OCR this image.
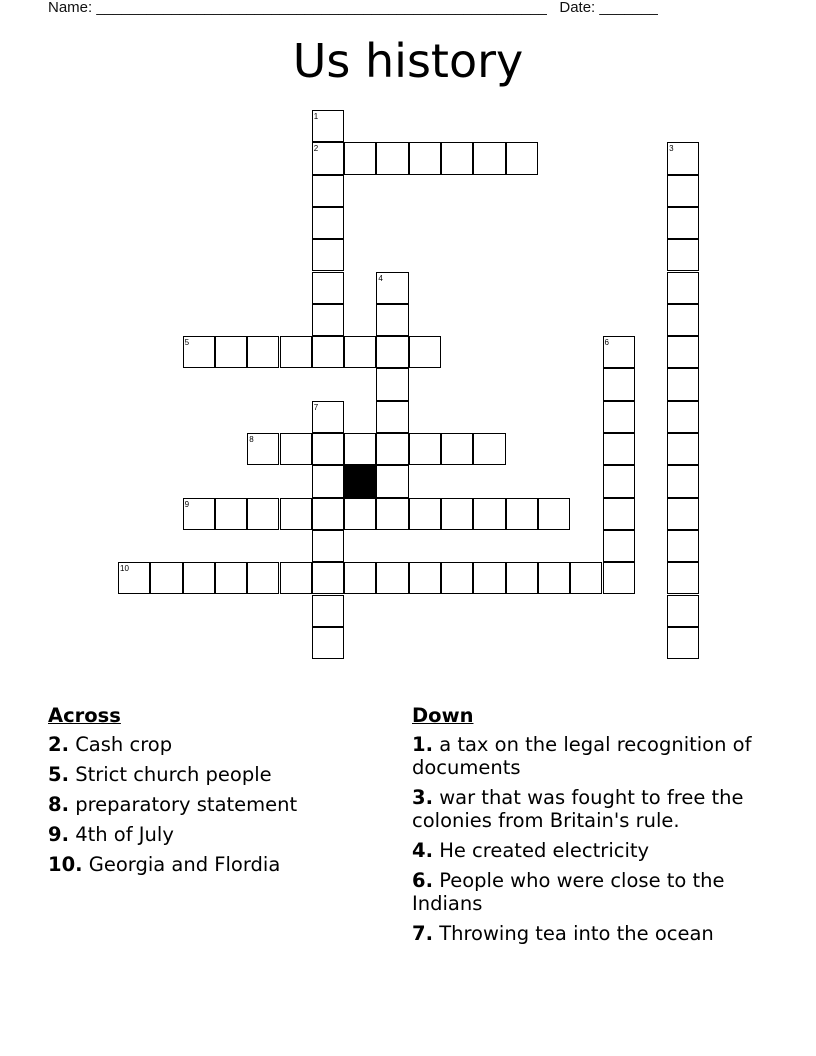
Name: ______________________________________________________ Date: _______
Us history
1
2	3
4
5	6
7
8
9
10
Across
2. Cash crop
5. Strict church people
8. preparatory statement
9. 4th of July
10. Georgia and Flordia
Down
1. a tax on the legal recognition of documents
3. war that was fought to free the colonies from Britain's rule.
4. He created electricity
6. People who were close to the Indians
7. Throwing tea into the ocean
